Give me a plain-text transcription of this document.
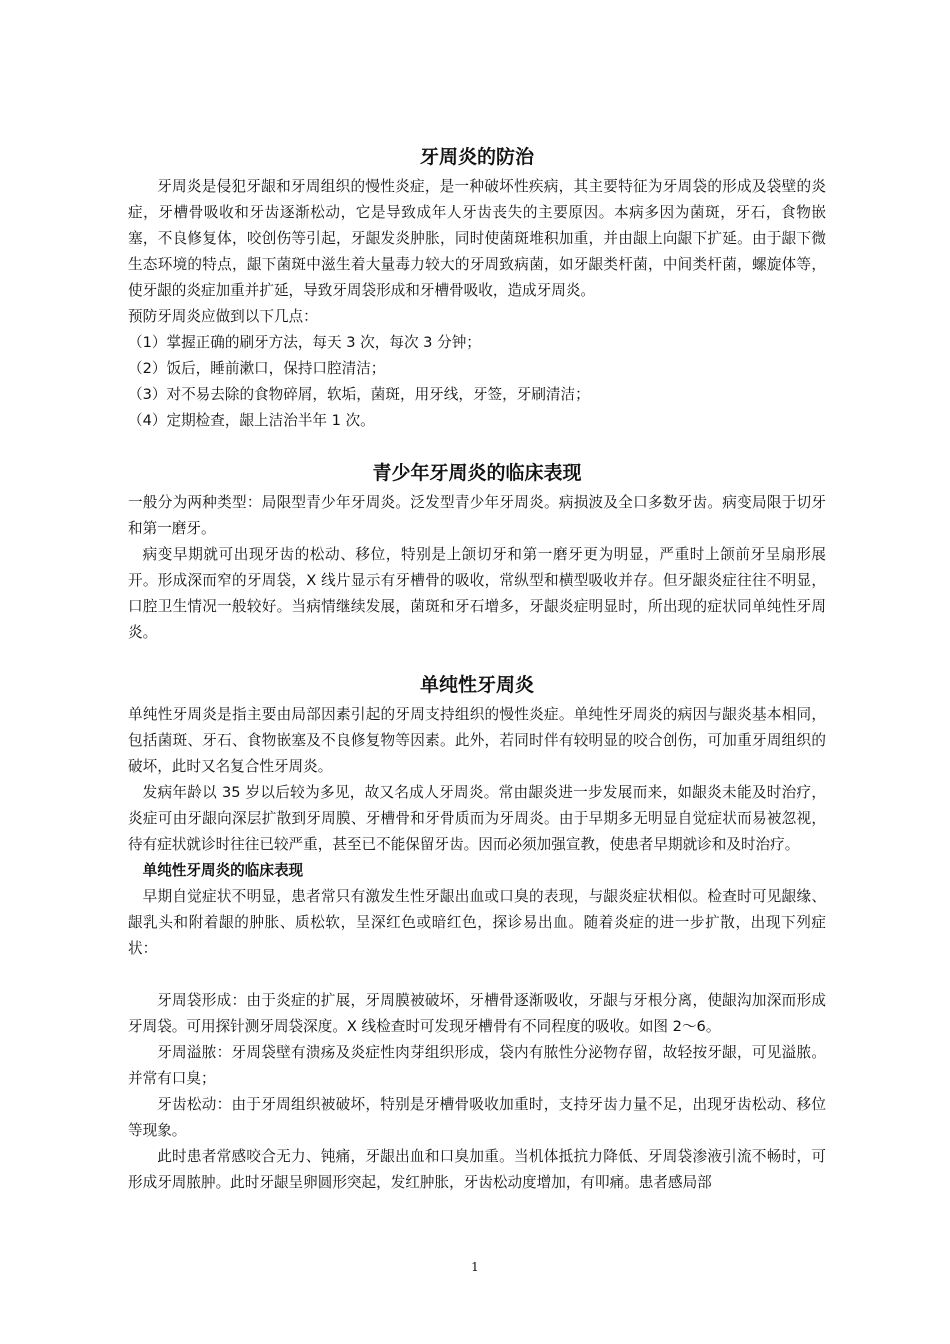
牙周炎的防治

牙周炎是侵犯牙龈和牙周组织的慢性炎症，是一种破坏性疾病，其主要特征为牙周袋的形成及袋壁的炎症，牙槽骨吸收和牙齿逐渐松动，它是导致成年人牙齿丧失的主要原因。本病多因为菌斑，牙石，食物嵌塞，不良修复体，咬创伤等引起，牙龈发炎肿胀，同时使菌斑堆积加重，并由龈上向龈下扩延。由于龈下微生态环境的特点，龈下菌斑中滋生着大量毒力较大的牙周致病菌，如牙龈类杆菌，中间类杆菌，螺旋体等，使牙龈的炎症加重并扩延，导致牙周袋形成和牙槽骨吸收，造成牙周炎。

预防牙周炎应做到以下几点：

（1）掌握正确的刷牙方法，每天 3 次，每次 3 分钟；

（2）饭后，睡前漱口，保持口腔清洁；

（3）对不易去除的食物碎屑，软垢，菌斑，用牙线，牙签，牙刷清洁；

（4）定期检查，龈上洁治半年 1 次。

青少年牙周炎的临床表现

一般分为两种类型：局限型青少年牙周炎。泛发型青少年牙周炎。病损波及全口多数牙齿。病变局限于切牙和第一磨牙。

病变早期就可出现牙齿的松动、移位，特别是上颌切牙和第一磨牙更为明显，严重时上颌前牙呈扇形展开。形成深而窄的牙周袋，X 线片显示有牙槽骨的吸收，常纵型和横型吸收并存。但牙龈炎症往往不明显，口腔卫生情况一般较好。当病情继续发展，菌斑和牙石增多，牙龈炎症明显时，所出现的症状同单纯性牙周炎。

单纯性牙周炎

单纯性牙周炎是指主要由局部因素引起的牙周支持组织的慢性炎症。单纯性牙周炎的病因与龈炎基本相同，包括菌斑、牙石、食物嵌塞及不良修复物等因素。此外，若同时伴有较明显的咬合创伤，可加重牙周组织的破坏，此时又名复合性牙周炎。

发病年龄以 35 岁以后较为多见，故又名成人牙周炎。常由龈炎进一步发展而来，如龈炎未能及时治疗，炎症可由牙龈向深层扩散到牙周膜、牙槽骨和牙骨质而为牙周炎。由于早期多无明显自觉症状而易被忽视，待有症状就诊时往往已较严重，甚至已不能保留牙齿。因而必须加强宣教，使患者早期就诊和及时治疗。

单纯性牙周炎的临床表现

早期自觉症状不明显，患者常只有激发生性牙龈出血或口臭的表现，与龈炎症状相似。检查时可见龈缘、龈乳头和附着龈的肿胀、质松软，呈深红色或暗红色，探诊易出血。随着炎症的进一步扩散，出现下列症状：

牙周袋形成：由于炎症的扩展，牙周膜被破坏，牙槽骨逐渐吸收，牙龈与牙根分离，使龈沟加深而形成牙周袋。可用探针测牙周袋深度。X 线检查时可发现牙槽骨有不同程度的吸收。如图 2～6。

牙周溢脓：牙周袋壁有溃疡及炎症性肉芽组织形成，袋内有脓性分泌物存留，故轻按牙龈，可见溢脓。并常有口臭；

牙齿松动：由于牙周组织被破坏，特别是牙槽骨吸收加重时，支持牙齿力量不足，出现牙齿松动、移位等现象。

此时患者常感咬合无力、钝痛，牙龈出血和口臭加重。当机体抵抗力降低、牙周袋渗液引流不畅时，可形成牙周脓肿。此时牙龈呈卵圆形突起，发红肿胀，牙齿松动度增加，有叩痛。患者感局部

1
